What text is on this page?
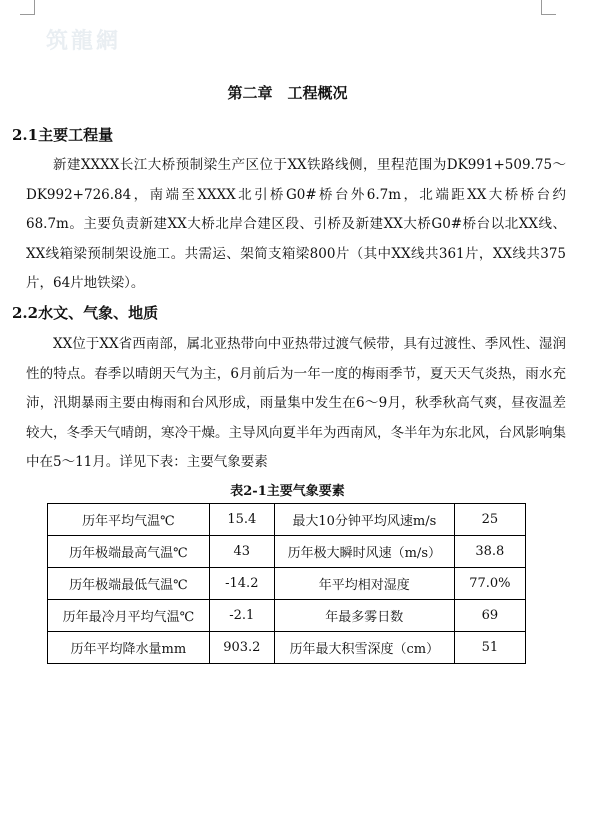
筑龍網
第二章　工程概况
2.1主要工程量

新建XXXX长江大桥预制梁生产区位于XX铁路线侧，里程范围为DK991+509.75～DK992+726.84，南端至XXXX北引桥G0#桥台外6.7m，北端距XX大桥桥台约68.7m。主要负责新建XX大桥北岸合建区段、引桥及新建XX大桥G0#桥台以北XX线、XX线箱梁预制架设施工。共需运、架简支箱梁800片（其中XX线共361片，XX线共375片，64片地铁梁）。

2.2水文、气象、地质

XX位于XX省西南部，属北亚热带向中亚热带过渡气候带，具有过渡性、季风性、湿润性的特点。春季以晴朗天气为主，6月前后为一年一度的梅雨季节，夏天天气炎热，雨水充沛，汛期暴雨主要由梅雨和台风形成，雨量集中发生在6～9月，秋季秋高气爽，昼夜温差较大，冬季天气晴朗，寒冷干燥。主导风向夏半年为西南风，冬半年为东北风，台风影响集中在5～11月。详见下表：主要气象要素

表2-1主要气象要素
历年平均气温℃	15.4	最大10分钟平均风速m/s	25
历年极端最高气温℃	43	历年极大瞬时风速（m/s）	38.8
历年极端最低气温℃	-14.2	年平均相对湿度	77.0%
历年最冷月平均气温℃	-2.1	年最多雾日数	69
历年平均降水量mm	903.2	历年最大积雪深度（cm）	51
